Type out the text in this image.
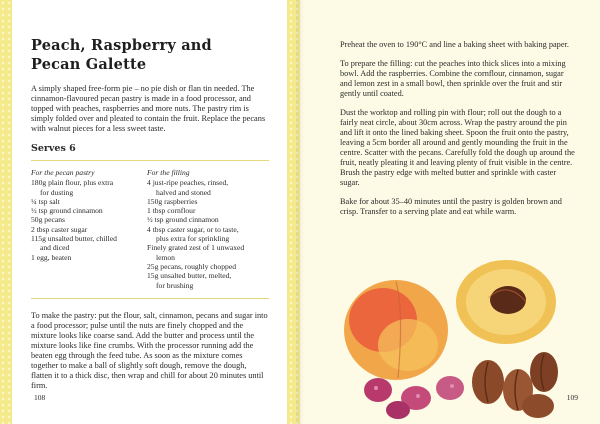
Peach, Raspberry and
Pecan Galette

A simply shaped free-form pie – no pie dish or flan tin needed. The cinnamon-flavoured pecan pastry is made in a food processor, and topped with peaches, raspberries and more nuts. The pastry rim is simply folded over and pleated to contain the fruit. Replace the pecans with walnut pieces for a less sweet taste.

Serves 6
For the pecan pastry
180g plain flour, plus extra
for dusting
¼ tsp salt
½ tsp ground cinnamon
50g pecans
2 tbsp caster sugar
115g unsalted butter, chilled
and diced
1 egg, beaten
For the filling
4 just-ripe peaches, rinsed,
halved and stoned
150g raspberries
1 tbsp cornflour
½ tsp ground cinnamon
4 tbsp caster sugar, or to taste,
plus extra for sprinkling
Finely grated zest of 1 unwaxed
lemon
25g pecans, roughly chopped
15g unsalted butter, melted,
for brushing

To make the pastry: put the flour, salt, cinnamon, pecans and sugar into a food processor; pulse until the nuts are finely chopped and the mixture looks like coarse sand. Add the butter and process until the mixture looks like fine crumbs. With the processor running add the beaten egg through the feed tube. As soon as the mixture comes together to make a ball of slightly soft dough, remove the dough, flatten it to a thick disc, then wrap and chill for about 20 minutes until firm.

108

Preheat the oven to 190°C and line a baking sheet with baking paper.

To prepare the filling: cut the peaches into thick slices into a mixing bowl. Add the raspberries. Combine the cornflour, cinnamon, sugar and lemon zest in a small bowl, then sprinkle over the fruit and stir gently until coated.

Dust the worktop and rolling pin with flour; roll out the dough to a fairly neat circle, about 30cm across. Wrap the pastry around the pin and lift it onto the lined baking sheet. Spoon the fruit onto the pastry, leaving a 5cm border all around and gently mounding the fruit in the centre. Scatter with the pecans. Carefully fold the dough up around the fruit, neatly pleating it and leaving plenty of fruit visible in the centre. Brush the pastry edge with melted butter and sprinkle with caster sugar.

Bake for about 35–40 minutes until the pastry is golden brown and crisp. Transfer to a serving plate and eat while warm.

109
